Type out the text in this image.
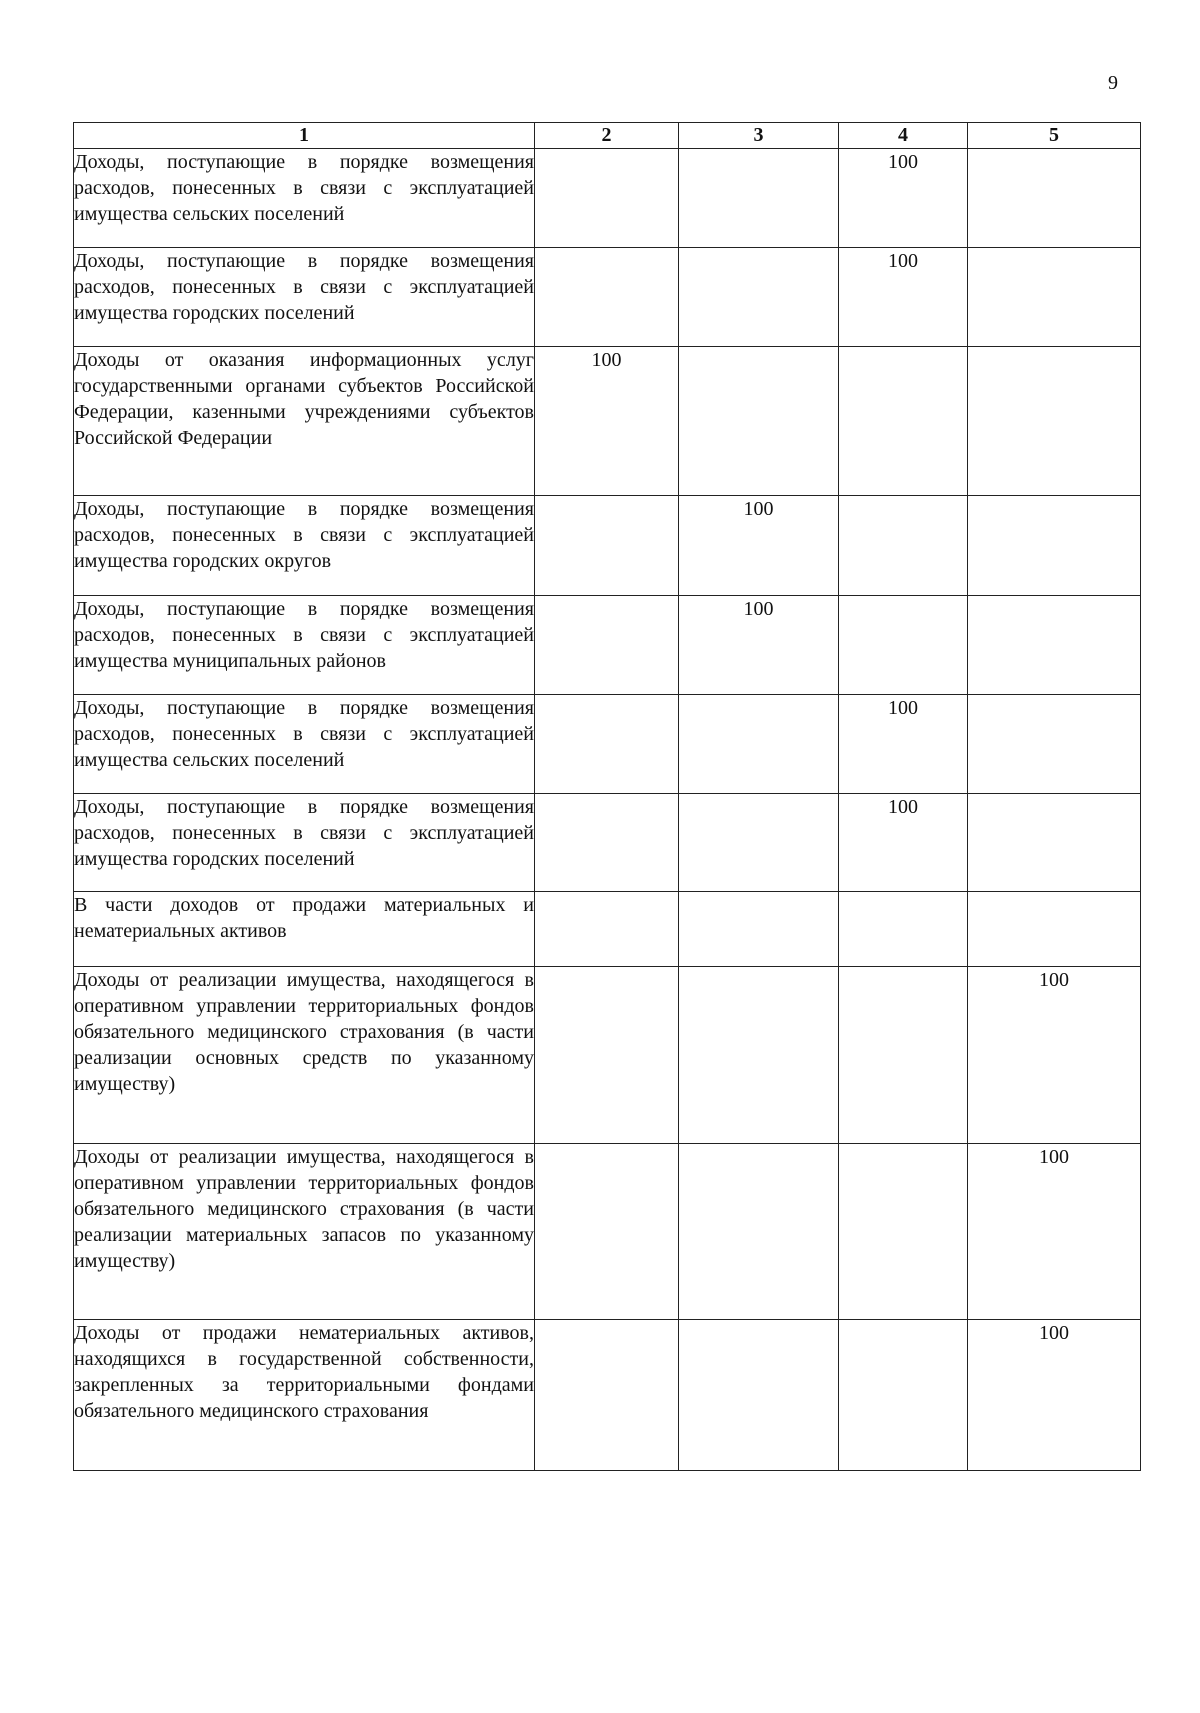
9
1	2	3	4	5
Доходы, поступающие в порядке возмещения расходов, понесенных в связи с эксплуатацией имущества сельских поселений			100	
Доходы, поступающие в порядке возмещения расходов, понесенных в связи с эксплуатацией имущества городских поселений			100	
Доходы от оказания информационных услуг государственными органами субъектов Российской Федерации, казенными учреждениями субъектов Российской Федерации	100			
Доходы, поступающие в порядке возмещения расходов, понесенных в связи с эксплуатацией имущества городских округов		100		
Доходы, поступающие в порядке возмещения расходов, понесенных в связи с эксплуатацией имущества муниципальных районов		100		
Доходы, поступающие в порядке возмещения расходов, понесенных в связи с эксплуатацией имущества сельских поселений			100	
Доходы, поступающие в порядке возмещения расходов, понесенных в связи с эксплуатацией имущества городских поселений			100	
В части доходов от продажи материальных и нематериальных активов				
Доходы от реализации имущества, находящегося в оперативном управлении территориальных фондов обязательного медицинского страхования (в части реализации основных средств по указанному имуществу)				100
Доходы от реализации имущества, находящегося в оперативном управлении территориальных фондов обязательного медицинского страхования (в части реализации материальных запасов по указанному имуществу)				100
Доходы от продажи нематериальных активов, находящихся в государственной собственности, закрепленных за территориальными фондами обязательного медицинского страхования				100
